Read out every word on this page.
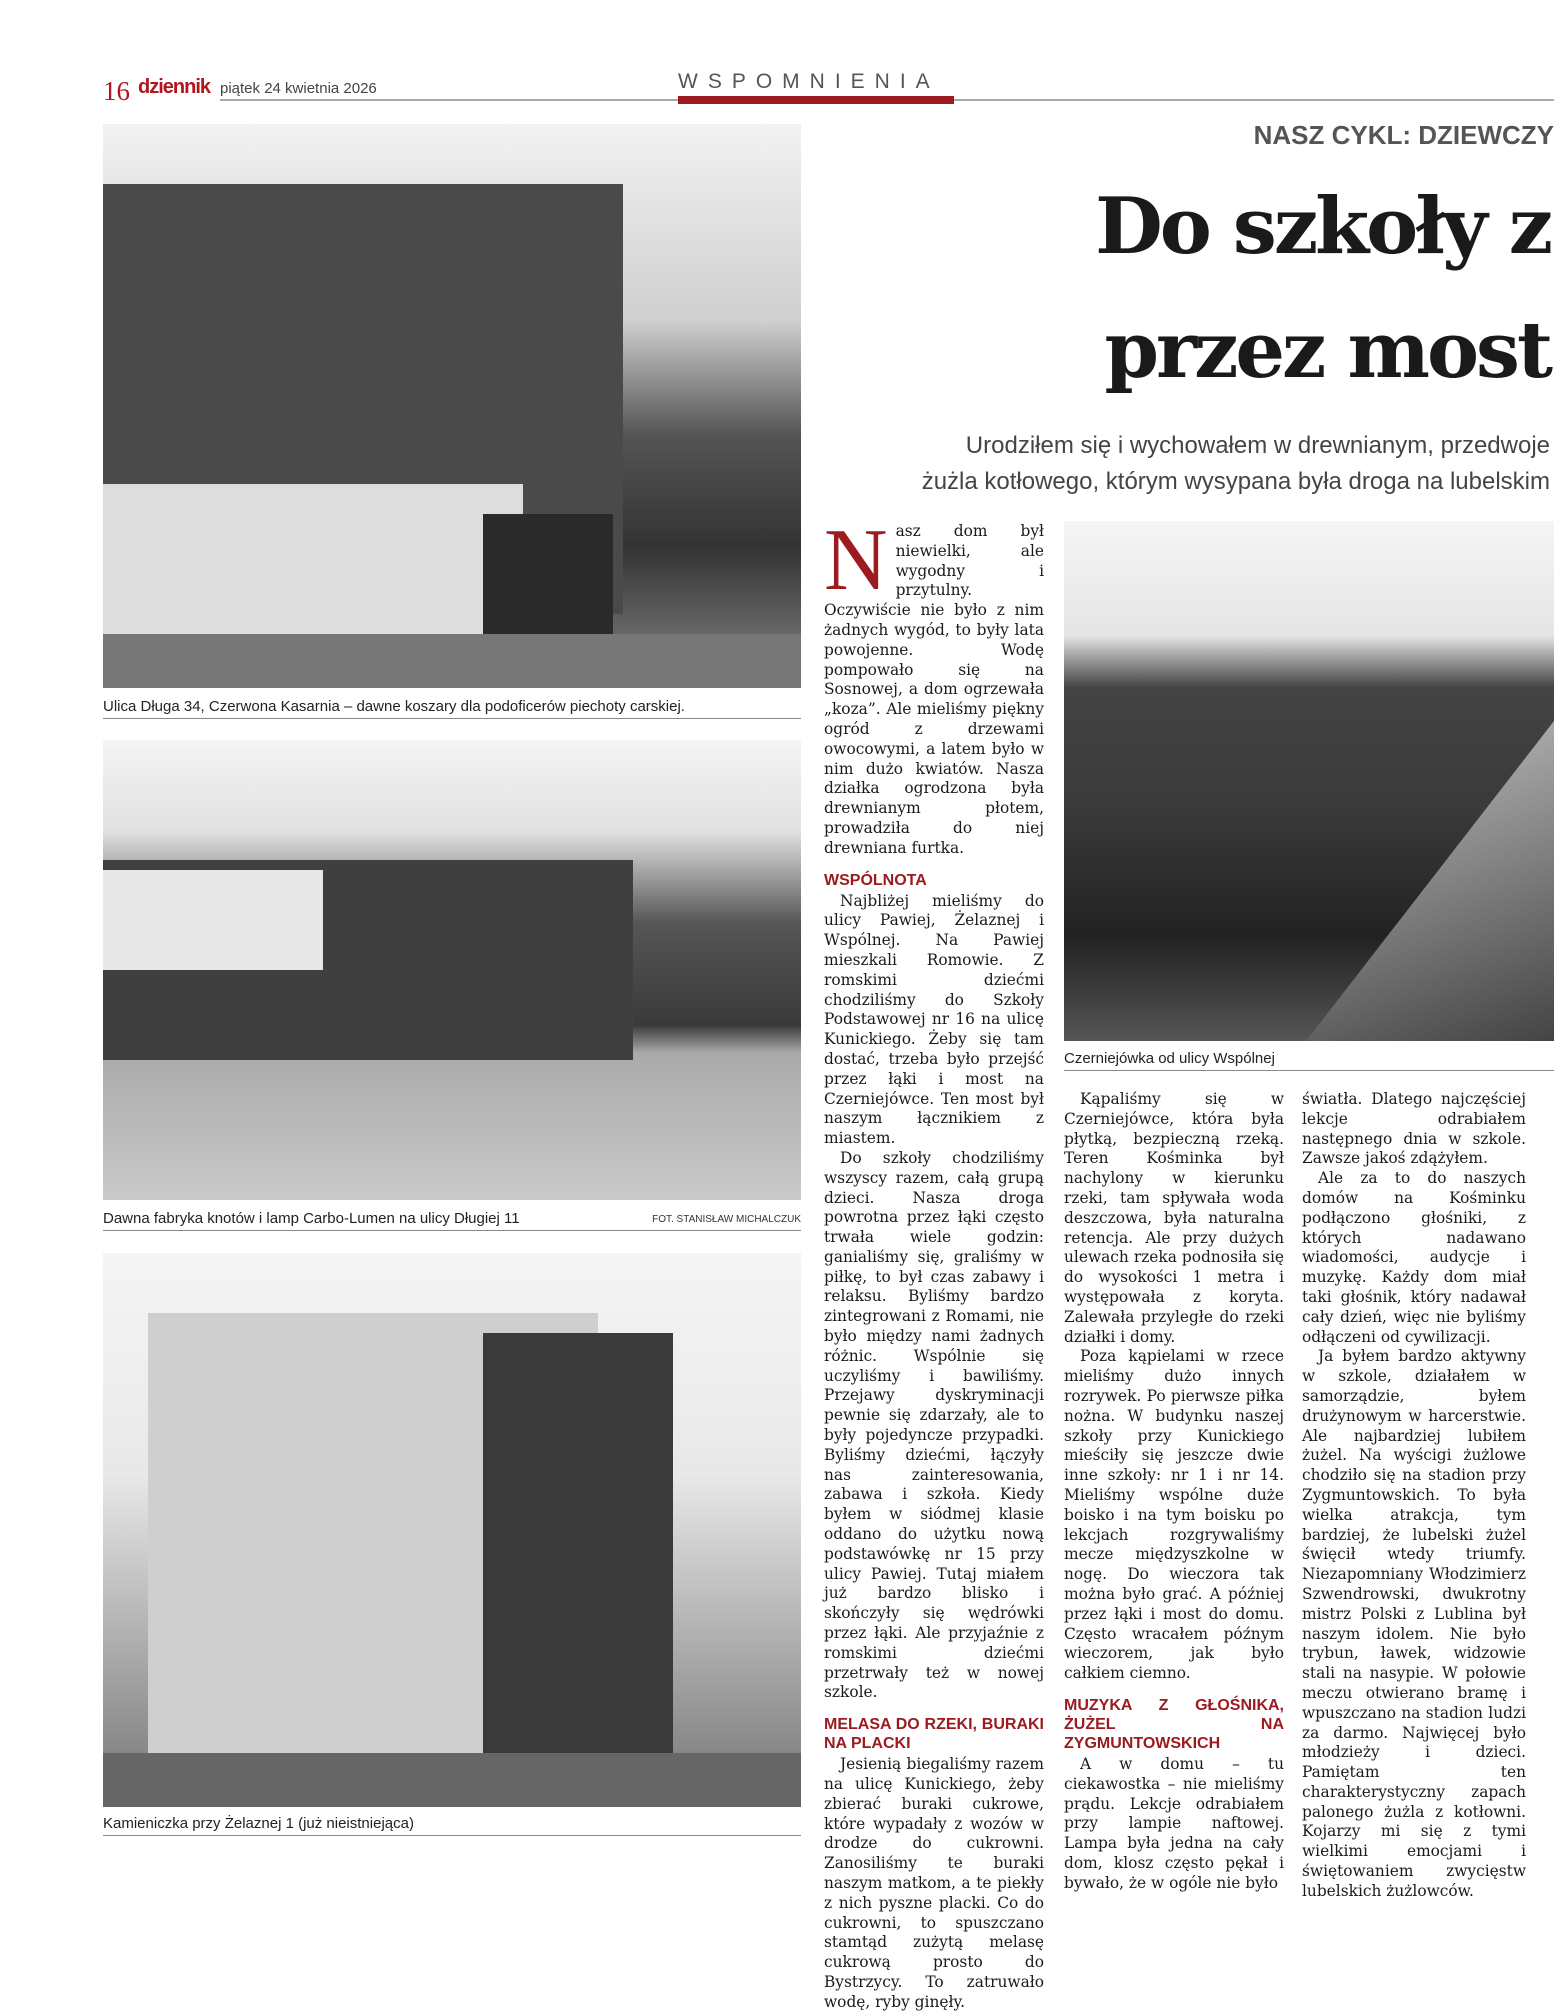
16 dziennik piątek 24 kwietnia 2026	WSPOMNIENIA
Ulica Długa 34, Czerwona Kasarnia – dawne koszary dla podoficerów piechoty carskiej.
Dawna fabryka knotów i lamp Carbo-Lumen na ulicy Długiej 11	FOT. STANISŁAW MICHALCZUK
Kamieniczka przy Żelaznej 1 (już nieistniejąca)
NASZ CYKL: DZIEWCZY
Do szkoły z
przez most
Urodziłem się i wychowałem w drewnianym, przedwoje
żużla kotłowego, którym wysypana była droga na lubelskim
Czerniejówka od ulicy Wspólnej
N asz dom był niewielki, ale wygodny i przytulny. Oczywiście nie było z nim żadnych wygód, to były lata powojenne. Wodę pompowało się na Sosnowej, a dom ogrzewała „koza”. Ale mieliśmy piękny ogród z drzewami owocowymi, a latem było w nim dużo kwiatów. Nasza działka ogrodzona była drewnianym płotem, prowadziła do niej drewniana furtka.

WSPÓLNOTA

Najbliżej mieliśmy do ulicy Pawiej, Żelaznej i Wspólnej. Na Pawiej mieszkali Romowie. Z romskimi dziećmi chodziliśmy do Szkoły Podstawowej nr 16 na ulicę Kunickiego. Żeby się tam dostać, trzeba było przejść przez łąki i most na Czerniejówce. Ten most był naszym łącznikiem z miastem.

Do szkoły chodziliśmy wszyscy razem, całą grupą dzieci. Nasza droga powrotna przez łąki często trwała wiele godzin: ganialiśmy się, graliśmy w piłkę, to był czas zabawy i relaksu. Byliśmy bardzo zintegrowani z Romami, nie było między nami żadnych różnic. Wspólnie się uczyliśmy i bawiliśmy. Przejawy dyskryminacji pewnie się zdarzały, ale to były pojedyncze przypadki. Byliśmy dziećmi, łączyły nas zainteresowania, zabawa i szkoła. Kiedy byłem w siódmej klasie oddano do użytku nową podstawówkę nr 15 przy ulicy Pawiej. Tutaj miałem już bardzo blisko i skończyły się wędrówki przez łąki. Ale przyjaźnie z romskimi dziećmi przetrwały też w nowej szkole.

MELASA DO RZEKI, BURAKI NA PLACKI

Jesienią biegaliśmy razem na ulicę Kunickiego, żeby zbierać buraki cukrowe, które wypadały z wozów w drodze do cukrowni. Zanosiliśmy te buraki naszym matkom, a te piekły z nich pyszne placki. Co do cukrowni, to spuszczano stamtąd zużytą melasę cukrową prosto do Bystrzycy. To zatruwało wodę, ryby ginęły.

Kąpaliśmy się w Czerniejówce, która była płytką, bezpieczną rzeką. Teren Kośminka był nachylony w kierunku rzeki, tam spływała woda deszczowa, była naturalna retencja. Ale przy dużych ulewach rzeka podnosiła się do wysokości 1 metra i występowała z koryta. Zalewała przyległe do rzeki działki i domy.

Poza kąpielami w rzece mieliśmy dużo innych rozrywek. Po pierwsze piłka nożna. W budynku naszej szkoły przy Kunickiego mieściły się jeszcze dwie inne szkoły: nr 1 i nr 14. Mieliśmy wspólne duże boisko i na tym boisku po lekcjach rozgrywaliśmy mecze międzyszkolne w nogę. Do wieczora tak można było grać. A później przez łąki i most do domu. Często wracałem późnym wieczorem, jak było całkiem ciemno.

MUZYKA Z GŁOŚNIKA, ŻUŻEL NA ZYGMUNTOWSKICH

A w domu – tu ciekawostka – nie mieliśmy prądu. Lekcje odrabiałem przy lampie naftowej. Lampa była jedna na cały dom, klosz często pękał i bywało, że w ogóle nie było

światła. Dlatego najczęściej lekcje odrabiałem następnego dnia w szkole. Zawsze jakoś zdążyłem.

Ale za to do naszych domów na Kośminku podłączono głośniki, z których nadawano wiadomości, audycje i muzykę. Każdy dom miał taki głośnik, który nadawał cały dzień, więc nie byliśmy odłączeni od cywilizacji.

Ja byłem bardzo aktywny w szkole, działałem w samorządzie, byłem drużynowym w harcerstwie. Ale najbardziej lubiłem żużel. Na wyścigi żużlowe chodziło się na stadion przy Zygmuntowskich. To była wielka atrakcja, tym bardziej, że lubelski żużel święcił wtedy triumfy. Niezapomniany Włodzimierz Szwendrowski, dwukrotny mistrz Polski z Lublina był naszym idolem. Nie było trybun, ławek, widzowie stali na nasypie. W połowie meczu otwierano bramę i wpuszczano na stadion ludzi za darmo. Najwięcej było młodzieży i dzieci. Pamiętam ten charakterystyczny zapach palonego żużla z kotłowni. Kojarzy mi się z tymi wielkimi emocjami i świętowaniem zwycięstw lubelskich żużlowców.
